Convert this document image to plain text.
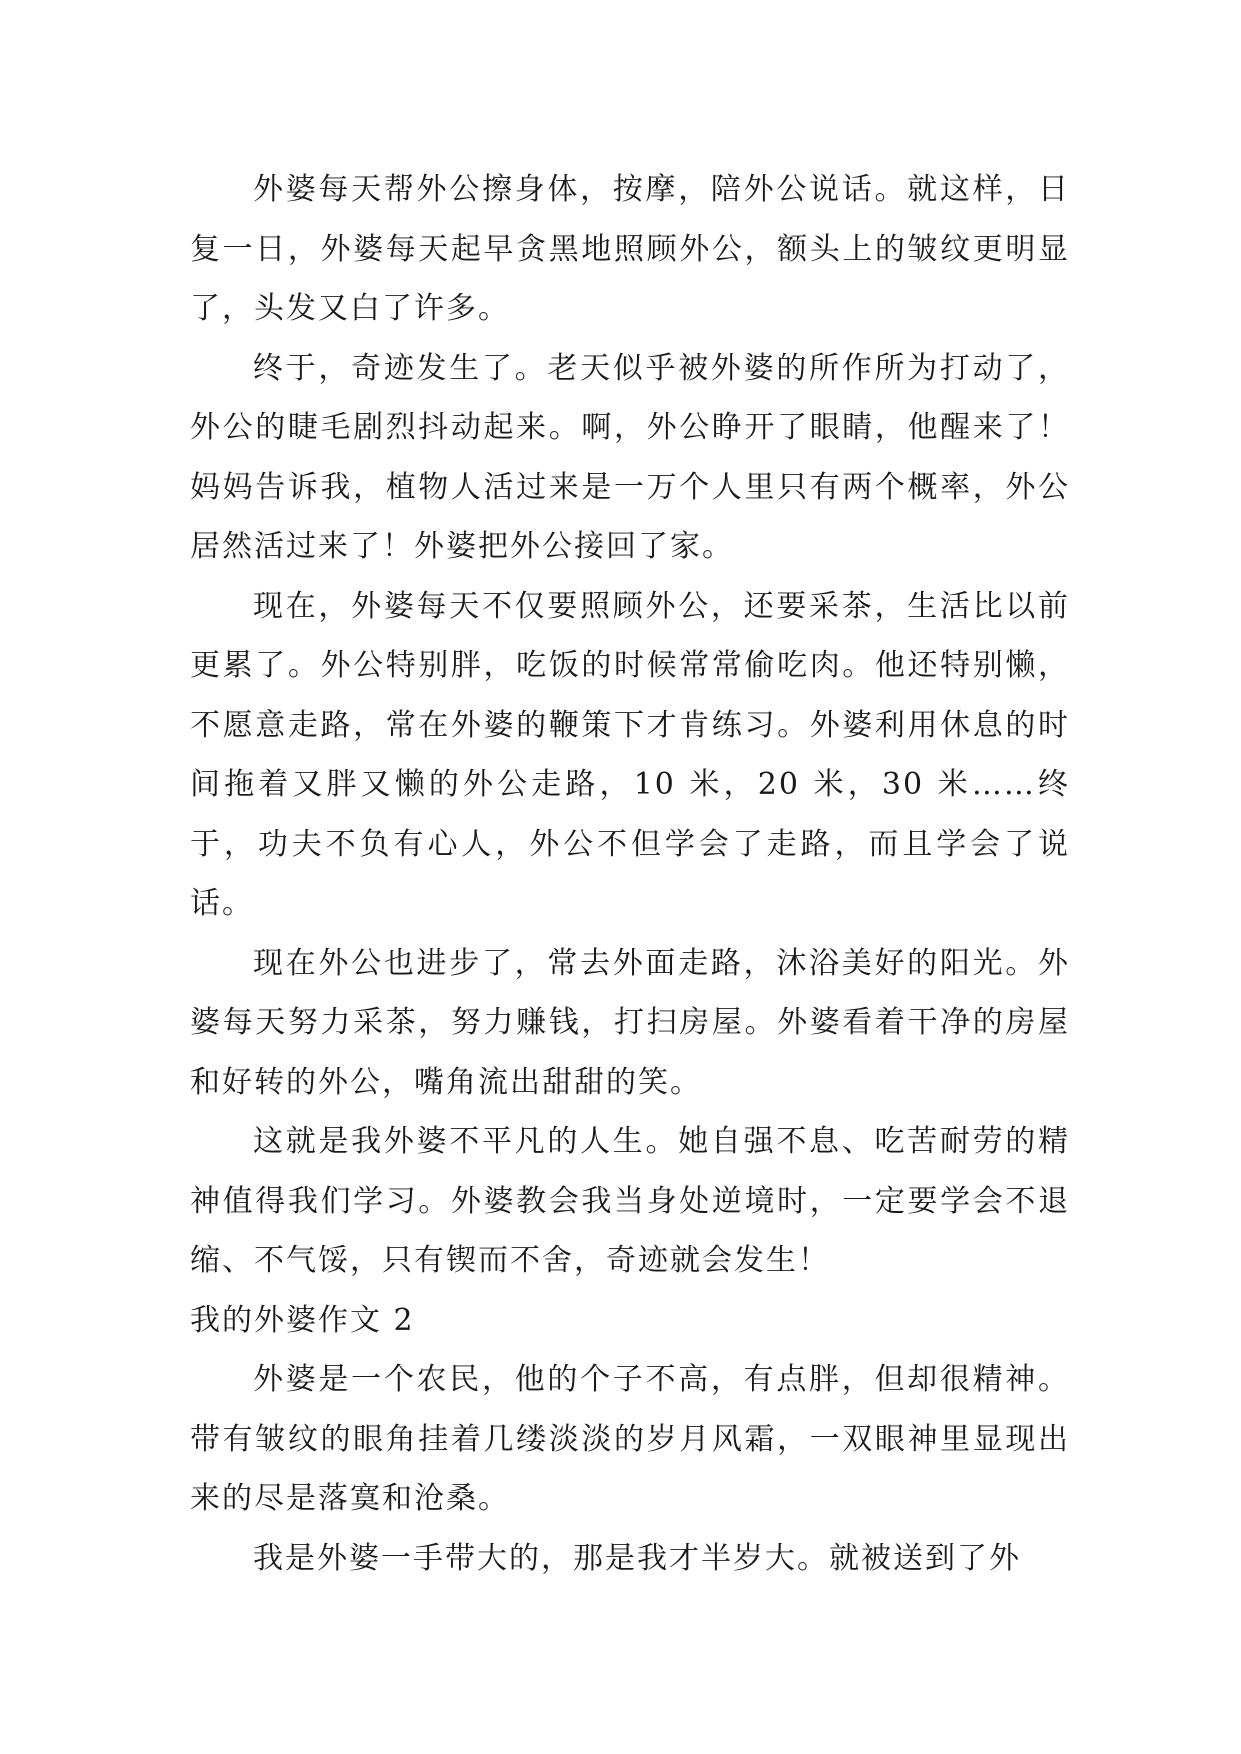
外婆每天帮外公擦身体，按摩，陪外公说话。就这样，日复一日，外婆每天起早贪黑地照顾外公，额头上的皱纹更明显了，头发又白了许多。

终于，奇迹发生了。老天似乎被外婆的所作所为打动了，外公的睫毛剧烈抖动起来。啊，外公睁开了眼睛，他醒来了！妈妈告诉我，植物人活过来是一万个人里只有两个概率，外公居然活过来了！外婆把外公接回了家。

现在，外婆每天不仅要照顾外公，还要采茶，生活比以前更累了。外公特别胖，吃饭的时候常常偷吃肉。他还特别懒，不愿意走路，常在外婆的鞭策下才肯练习。外婆利用休息的时间拖着又胖又懒的外公走路，10 米，20 米，30 米……终于，功夫不负有心人，外公不但学会了走路，而且学会了说话。

现在外公也进步了，常去外面走路，沐浴美好的阳光。外婆每天努力采茶，努力赚钱，打扫房屋。外婆看着干净的房屋和好转的外公，嘴角流出甜甜的笑。

这就是我外婆不平凡的人生。她自强不息、吃苦耐劳的精神值得我们学习。外婆教会我当身处逆境时，一定要学会不退缩、不气馁，只有锲而不舍，奇迹就会发生！

我的外婆作文 2

外婆是一个农民，他的个子不高，有点胖，但却很精神。带有皱纹的眼角挂着几缕淡淡的岁月风霜，一双眼神里显现出来的尽是落寞和沧桑。

我是外婆一手带大的，那是我才半岁大。就被送到了外
